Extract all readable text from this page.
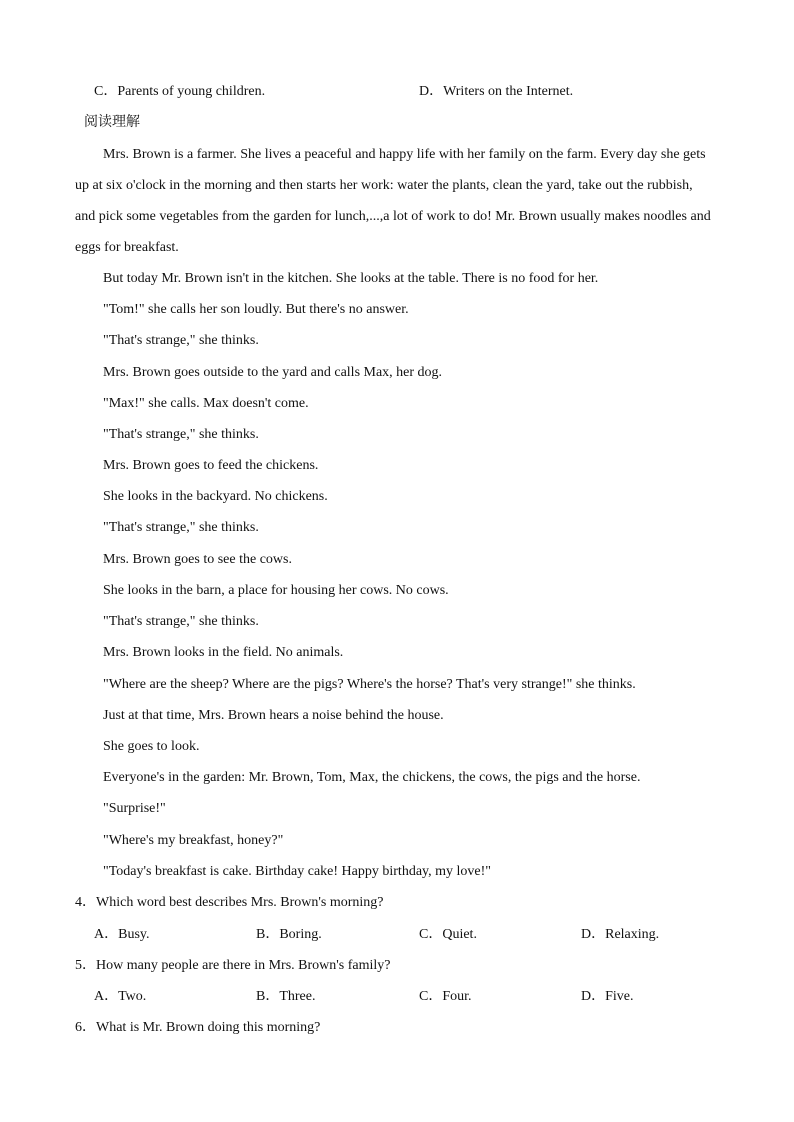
C．Parents of young children.	D．Writers on the Internet.
阅读理解
Mrs. Brown is a farmer. She lives a peaceful and happy life with her family on the farm. Every day she gets
up at six o'clock in the morning and then starts her work: water the plants, clean the yard, take out the rubbish,
and pick some vegetables from the garden for lunch,...,a lot of work to do! Mr. Brown usually makes noodles and
eggs for breakfast.
But today Mr. Brown isn't in the kitchen. She looks at the table. There is no food for her.
"Tom!" she calls her son loudly. But there's no answer.
"That's strange," she thinks.
Mrs. Brown goes outside to the yard and calls Max, her dog.
"Max!" she calls. Max doesn't come.
"That's strange," she thinks.
Mrs. Brown goes to feed the chickens.
She looks in the backyard. No chickens.
"That's strange," she thinks.
Mrs. Brown goes to see the cows.
She looks in the barn, a place for housing her cows. No cows.
"That's strange," she thinks.
Mrs. Brown looks in the field. No animals.
"Where are the sheep? Where are the pigs? Where's the horse? That's very strange!" she thinks.
Just at that time, Mrs. Brown hears a noise behind the house.
She goes to look.
Everyone's in the garden: Mr. Brown, Tom, Max, the chickens, the cows, the pigs and the horse.
"Surprise!"
"Where's my breakfast, honey?"
"Today's breakfast is cake. Birthday cake! Happy birthday, my love!"
4．Which word best describes Mrs. Brown's morning?
A．Busy.	B．Boring.	C．Quiet.	D．Relaxing.
5．How many people are there in Mrs. Brown's family?
A．Two.	B．Three.	C．Four.	D．Five.
6．What is Mr. Brown doing this morning?
